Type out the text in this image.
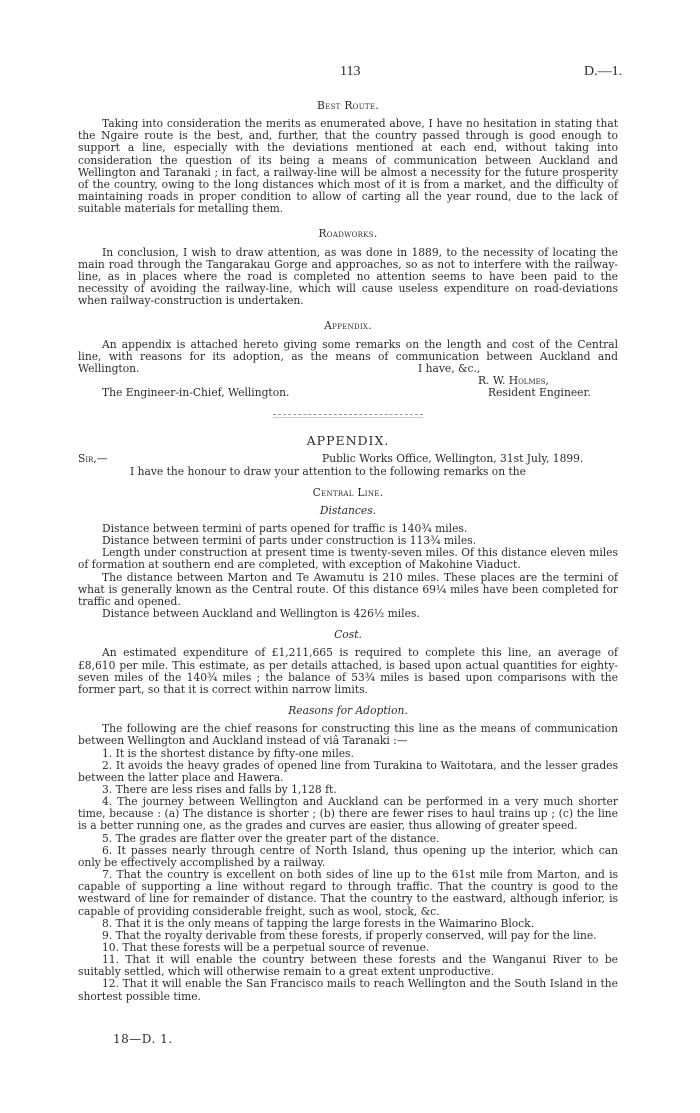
113	D.—1.
Best Route.

Taking into consideration the merits as enumerated above, I have no hesitation in stating that the Ngaire route is the best, and, further, that the country passed through is good enough to support a line, especially with the deviations mentioned at each end, without taking into consideration the question of its being a means of communication between Auckland and Wellington and Taranaki ; in fact, a railway-line will be almost a necessity for the future prosperity of the country, owing to the long distances which most of it is from a market, and the difficulty of maintaining roads in proper condition to allow of carting all the year round, due to the lack of suitable materials for metalling them.

Roadworks.

In conclusion, I wish to draw attention, as was done in 1889, to the necessity of locating the main road through the Tangarakau Gorge and approaches, so as not to interfere with the railway-line, as in places where the road is completed no attention seems to have been paid to the necessity of avoiding the railway-line, which will cause useless expenditure on road-deviations when railway-construction is undertaken.

Appendix.

An appendix is attached hereto giving some remarks on the length and cost of the Central line, with reasons for its adoption, as the means of communication between Auckland and Wellington.	I have, &c.,
R. W. Holmes,
The Engineer-in-Chief, Wellington.	Resident Engineer.
APPENDIX.
Sir,—	Public Works Office, Wellington, 31st July, 1899.

I have the honour to draw your attention to the following remarks on the

Central Line.
Distances.

Distance between termini of parts opened for traffic is 140¾ miles.

Distance between termini of parts under construction is 113¾ miles.

Length under construction at present time is twenty-seven miles. Of this distance eleven miles of formation at southern end are completed, with exception of Makohine Viaduct.

The distance between Marton and Te Awamutu is 210 miles. These places are the termini of what is generally known as the Central route. Of this distance 69¼ miles have been completed for traffic and opened.

Distance between Auckland and Wellington is 426½ miles.

Cost.

An estimated expenditure of £1,211,665 is required to complete this line, an average of £8,610 per mile. This estimate, as per details attached, is based upon actual quantities for eighty-seven miles of the 140¾ miles ; the balance of 53¾ miles is based upon comparisons with the former part, so that it is correct within narrow limits.

Reasons for Adoption.

The following are the chief reasons for constructing this line as the means of communication between Wellington and Auckland instead of viâ Taranaki :—

1. It is the shortest distance by fifty-one miles.

2. It avoids the heavy grades of opened line from Turakina to Waitotara, and the lesser grades between the latter place and Hawera.

3. There are less rises and falls by 1,128 ft.

4. The journey between Wellington and Auckland can be performed in a very much shorter time, because : (a) The distance is shorter ; (b) there are fewer rises to haul trains up ; (c) the line is a better running one, as the grades and curves are easier, thus allowing of greater speed.

5. The grades are flatter over the greater part of the distance.

6. It passes nearly through centre of North Island, thus opening up the interior, which can only be effectively accomplished by a railway.

7. That the country is excellent on both sides of line up to the 61st mile from Marton, and is capable of supporting a line without regard to through traffic. That the country is good to the westward of line for remainder of distance. That the country to the eastward, although inferior, is capable of providing considerable freight, such as wool, stock, &c.

8. That it is the only means of tapping the large forests in the Waimarino Block.

9. That the royalty derivable from these forests, if properly conserved, will pay for the line.

10. That these forests will be a perpetual source of revenue.

11. That it will enable the country between these forests and the Wanganui River to be suitably settled, which will otherwise remain to a great extent unproductive.

12. That it will enable the San Francisco mails to reach Wellington and the South Island in the shortest possible time.

18—D. 1.
